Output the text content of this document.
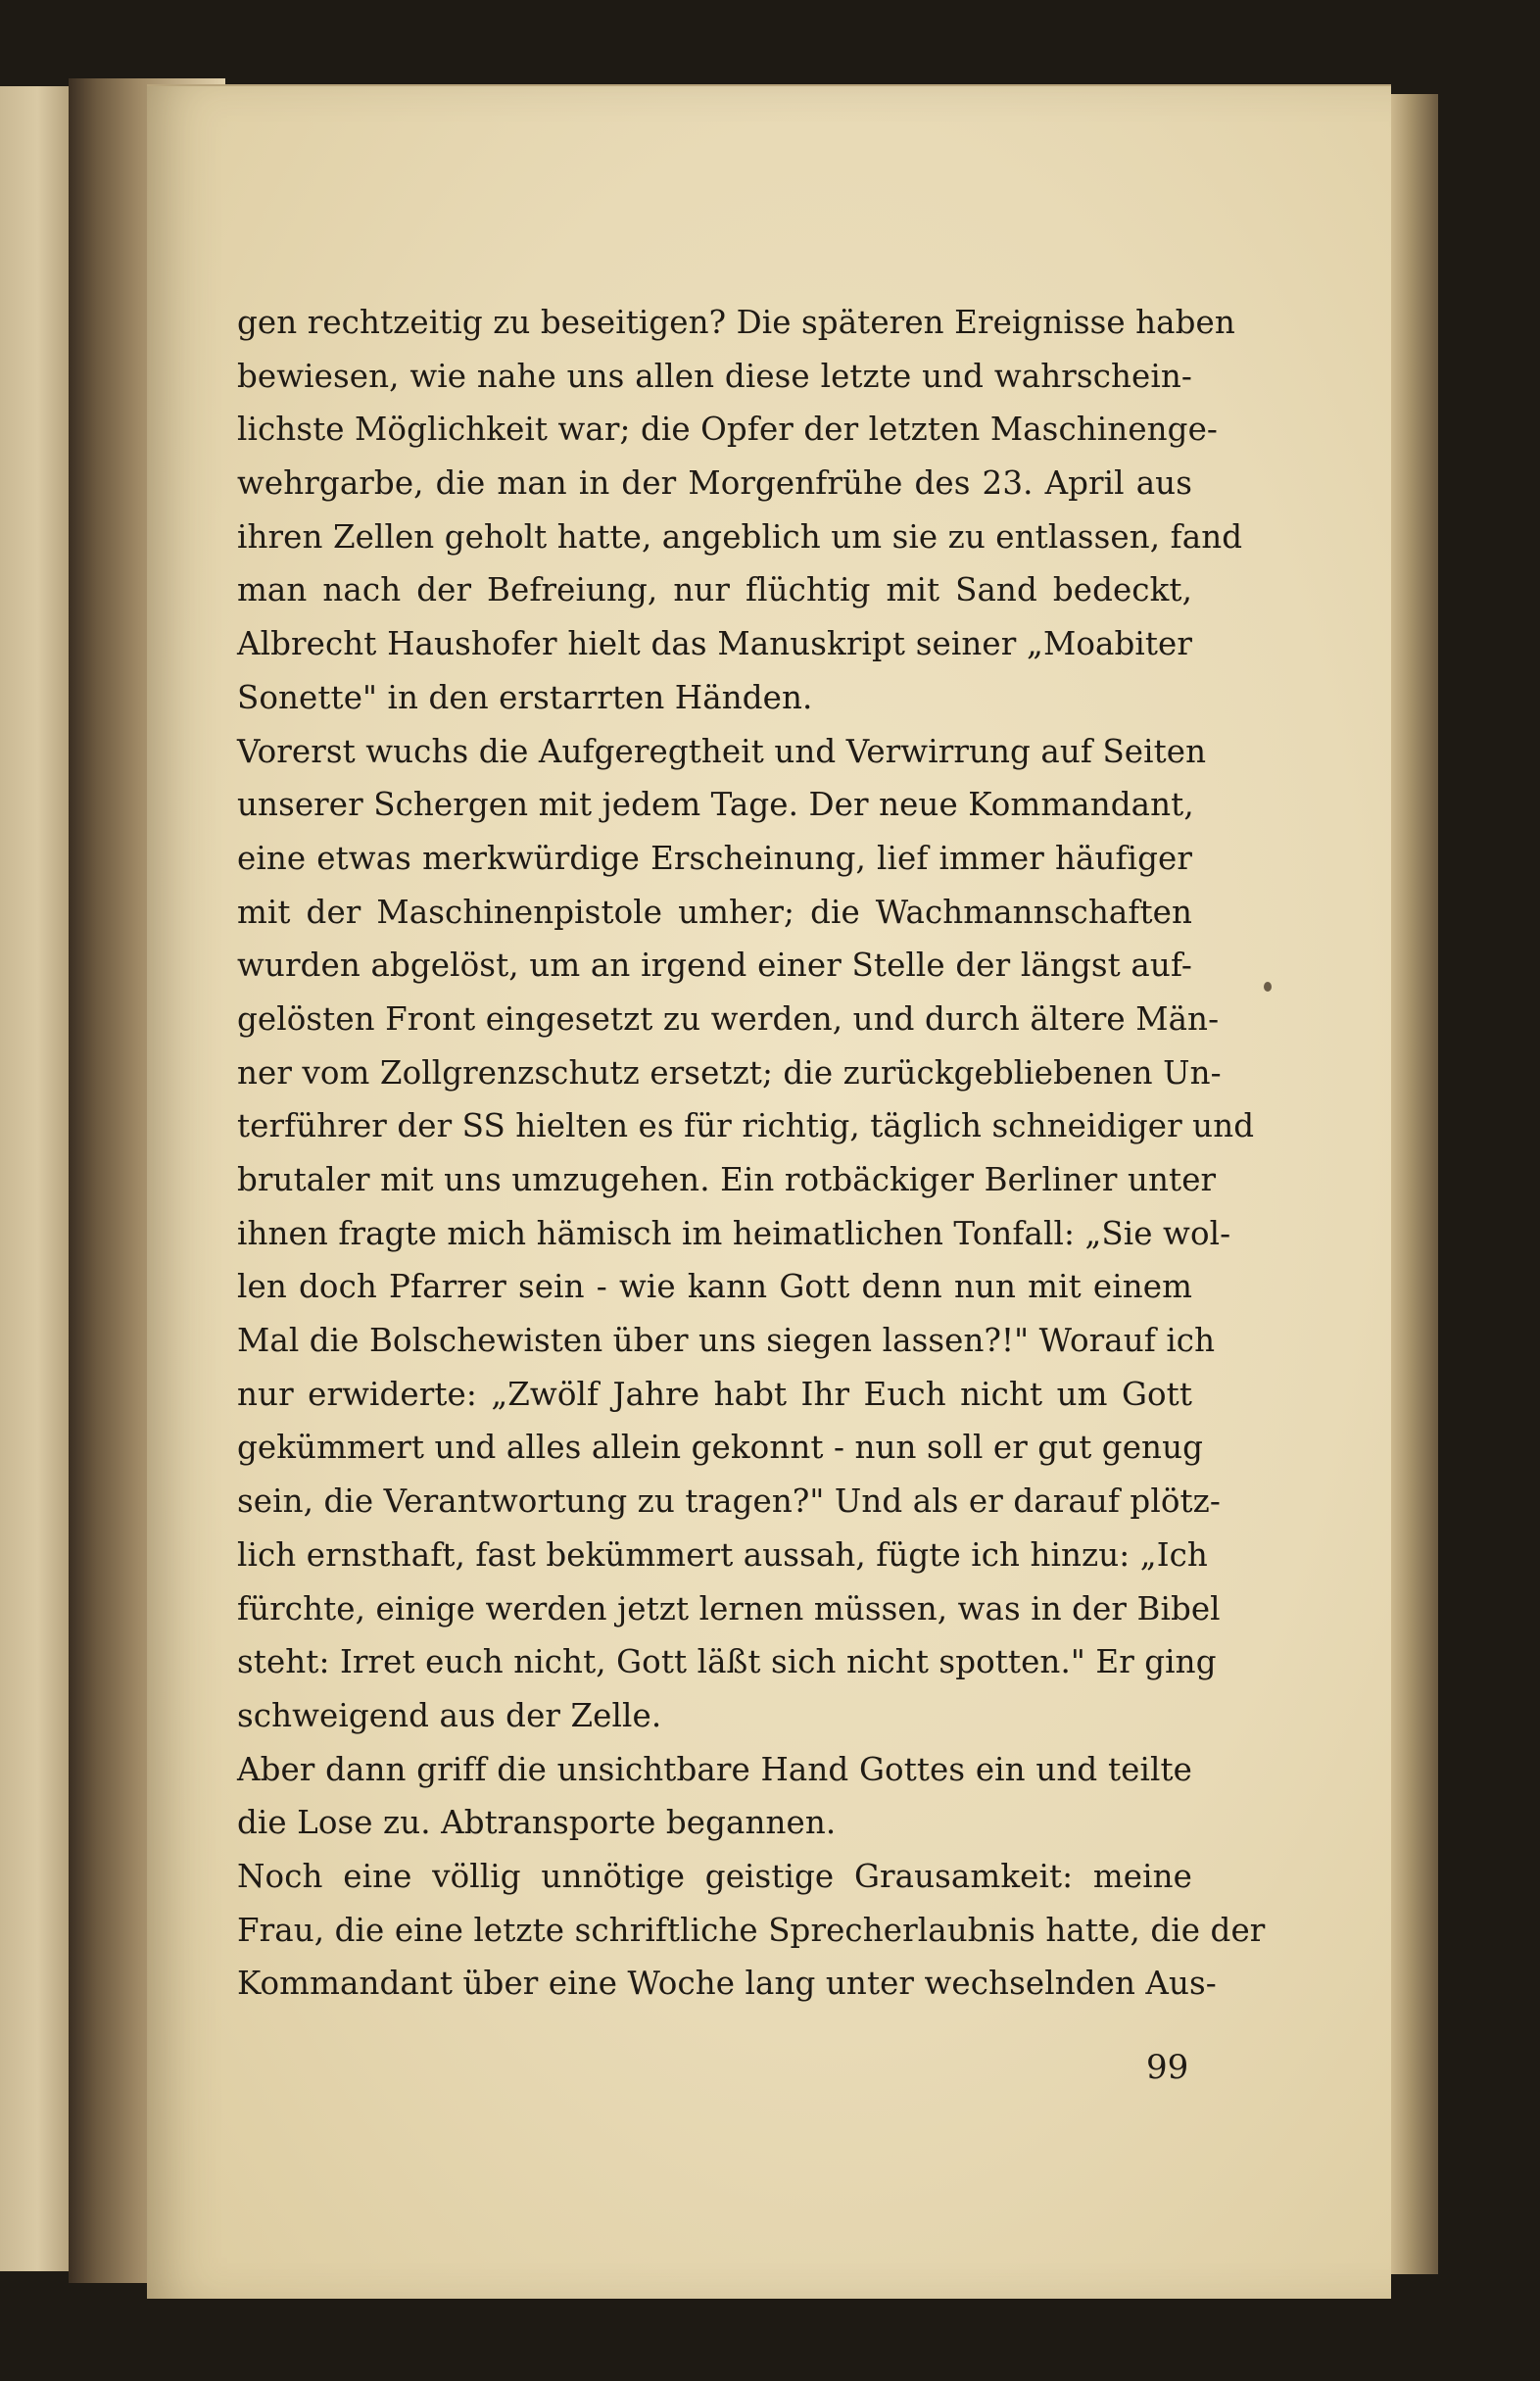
gen rechtzeitig zu beseitigen? Die späteren Ereignisse haben
bewiesen, wie nahe uns allen diese letzte und wahrschein-
lichste Möglichkeit war; die Opfer der letzten Maschinenge-
wehrgarbe, die man in der Morgenfrühe des 23. April aus
ihren Zellen geholt hatte, angeblich um sie zu entlassen, fand
man nach der Befreiung, nur flüchtig mit Sand bedeckt,
Albrecht Haushofer hielt das Manuskript seiner „Moabiter
Sonette" in den erstarrten Händen.
Vorerst wuchs die Aufgeregtheit und Verwirrung auf Seiten
unserer Schergen mit jedem Tage. Der neue Kommandant,
eine etwas merkwürdige Erscheinung, lief immer häufiger
mit der Maschinenpistole umher; die Wachmannschaften
wurden abgelöst, um an irgend einer Stelle der längst auf-
gelösten Front eingesetzt zu werden, und durch ältere Män-
ner vom Zollgrenzschutz ersetzt; die zurückgebliebenen Un-
terführer der SS hielten es für richtig, täglich schneidiger und
brutaler mit uns umzugehen. Ein rotbäckiger Berliner unter
ihnen fragte mich hämisch im heimatlichen Tonfall: „Sie wol-
len doch Pfarrer sein - wie kann Gott denn nun mit einem
Mal die Bolschewisten über uns siegen lassen?!" Worauf ich
nur erwiderte: „Zwölf Jahre habt Ihr Euch nicht um Gott
gekümmert und alles allein gekonnt - nun soll er gut genug
sein, die Verantwortung zu tragen?" Und als er darauf plötz-
lich ernsthaft, fast bekümmert aussah, fügte ich hinzu: „Ich
fürchte, einige werden jetzt lernen müssen, was in der Bibel
steht: Irret euch nicht, Gott läßt sich nicht spotten." Er ging
schweigend aus der Zelle.
Aber dann griff die unsichtbare Hand Gottes ein und teilte
die Lose zu. Abtransporte begannen.
Noch eine völlig unnötige geistige Grausamkeit: meine
Frau, die eine letzte schriftliche Sprecherlaubnis hatte, die der
Kommandant über eine Woche lang unter wechselnden Aus-
99
